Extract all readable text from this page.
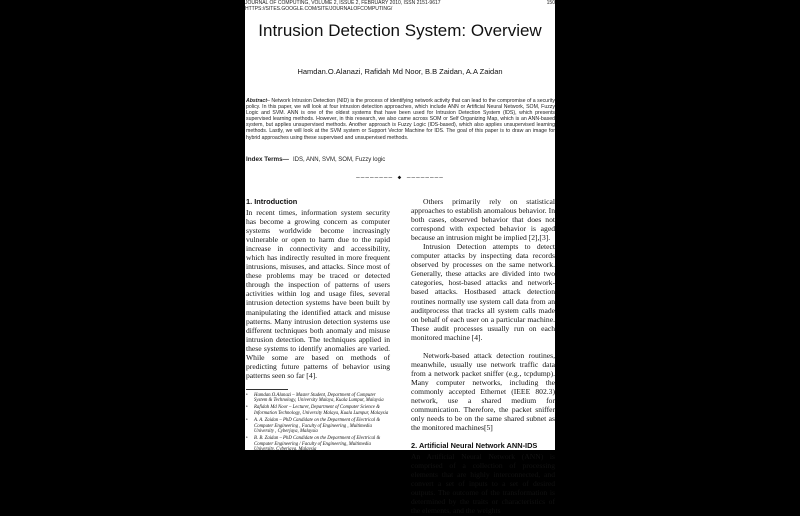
JOURNAL OF COMPUTING, VOLUME 2, ISSUE 2, FEBRUARY 2010, ISSN 2151-9617
HTTPS://SITES.GOOGLE.COM/SITE/JOURNALOFCOMPUTING/
150
Intrusion Detection System: Overview
Hamdan.O.Alanazi, Rafidah Md Noor, B.B Zaidan, A.A Zaidan
Abstract– Network Intrusion Detection (NID) is the process of identifying network activity that can lead to the compromise of a security policy. In this paper, we will look at four intrusion detection approaches, which include ANN or Artificial Neural Network, SOM, Fuzzy Logic and SVM. ANN is one of the oldest systems that have been used for Intrusion Detection System (IDS), which presents supervised learning methods. However, in this research, we also came across SOM or Self Organizing Map, which is an ANN-based system, but applies unsupervised methods. Another approach is Fuzzy Logic (IDS-based), which also applies unsupervised learning methods. Lastly, we will look at the SVM system or Support Vector Machine for IDS. The goal of this paper is to draw an image for hybrid approaches using these supervised and unsupervised methods.
Index Terms— IDS, ANN, SVM, SOM, Fuzzy logic
———————— ◆ ————————
1. Introduction

In recent times, information system security has become a growing concern as computer systems worldwide become increasingly vulnerable or open to harm due to the rapid increase in connectivity and accessibility, which has indirectly resulted in more frequent intrusions, misuses, and attacks. Since most of these problems may be traced or detected through the inspection of patterns of users activities within log and usage files, several intrusion detection systems have been built by manipulating the identified attack and misuse patterns. Many intrusion detection systems use different techniques both anomaly and misuse intrusion detection. The techniques applied in these systems to identify anomalies are varied. While some are based on methods of predicting future patterns of behavior using patterns seen so far [4].

• Hamdan.O.Alanazi – Master Student, Department of Computer System & Technology, University Malaya, Kuala Lumpur, Malaysia
• Rafidah Md Noor – Lecturer, Department of Computer Science & Information Technology, University Malaya, Kuala Lumpur, Malaysia
• A. A. Zaidan – PhD Candidate on the Department of Electrical & Computer Engineering , Faculty of Engineering , Multimedia University , Cyberjaya, Malaysia
• B. B. Zaidan – PhD Candidate on the Department of Electrical & Computer Engineering / Faculty of Engineering, Multimedia University, Cyberjaya, Malaysia

Others primarily rely on statistical approaches to establish anomalous behavior. In both cases, observed behavior that does not correspond with expected behavior is aged because an intrusion might be implied [2],[3].

Intrusion Detection attempts to detect computer attacks by inspecting data records observed by processes on the same network. Generally, these attacks are divided into two categories, host-based attacks and network-based attacks. Hostbased attack detection routines normally use system call data from an auditprocess that tracks all system calls made on behalf of each user on a particular machine. These audit processes usually run on each monitored machine [4].

Network-based attack detection routines, meanwhile, usually use network traffic data from a network packet sniffer (e.g., tcpdump). Many computer networks, including the commonly accepted Ethernet (IEEE 802.3) network, use a shared medium for communication. Therefore, the packet sniffer only needs to be on the same shared subnet as the monitored machines[5]

2. Artificial Neural Network ANN-IDS

An Artificial Neural Network (ANN) is comprised of a collection of processing elements that are highly interconnected, and convert a set of inputs to a set of desired outputs. The outcome of the transformation is determined by the traits or characteristics of the elements, and the weights
